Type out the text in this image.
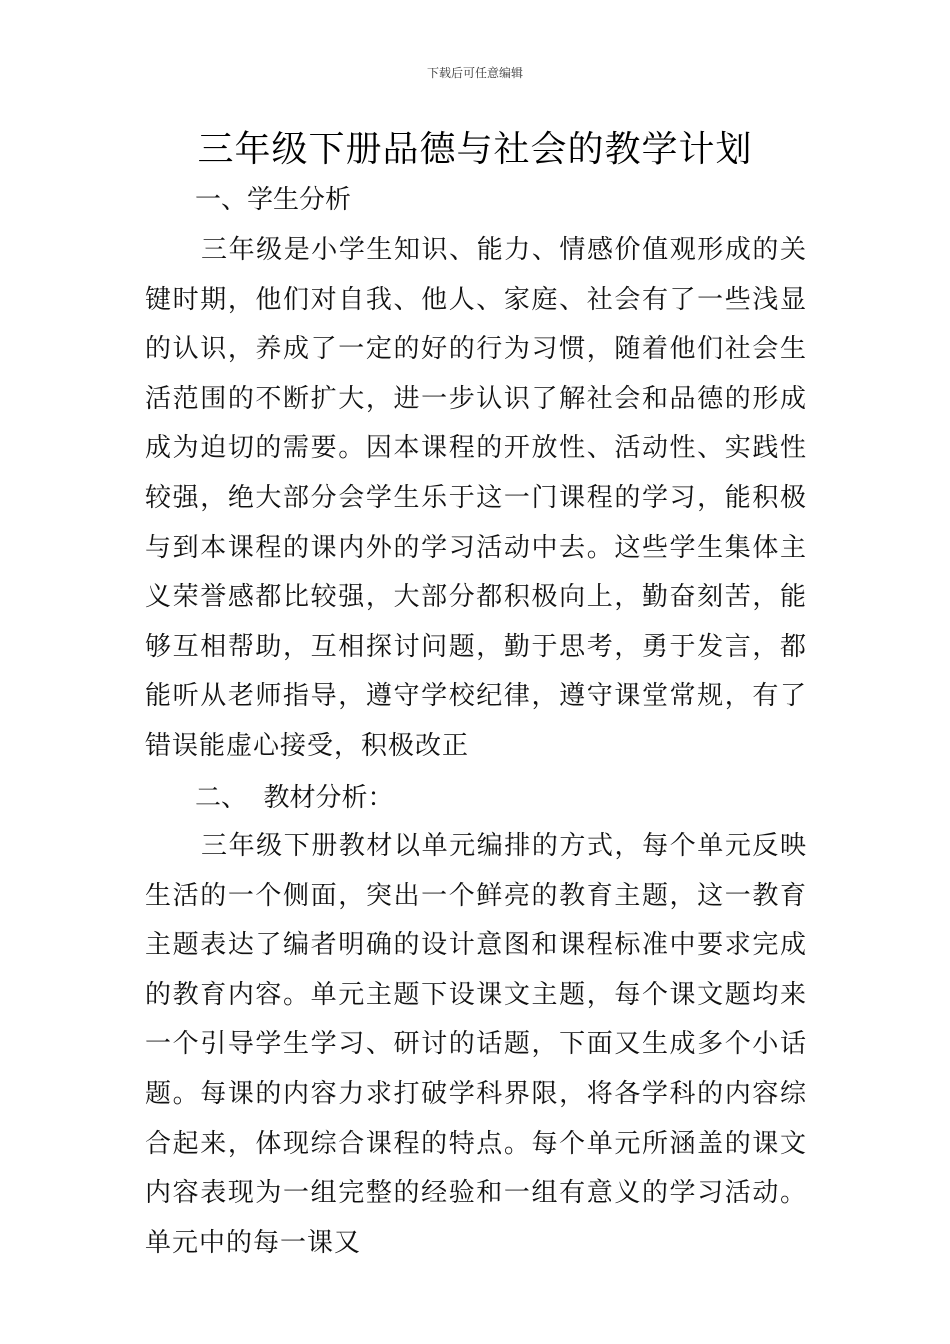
下载后可任意编辑
三年级下册品德与社会的教学计划
一、学生分析

三年级是小学生知识、能力、情感价值观形成的关键时期，他们对自我、他人、家庭、社会有了一些浅显的认识，养成了一定的好的行为习惯，随着他们社会生活范围的不断扩大，进一步认识了解社会和品德的形成成为迫切的需要。因本课程的开放性、活动性、实践性较强，绝大部分会学生乐于这一门课程的学习，能积极与到本课程的课内外的学习活动中去。这些学生集体主义荣誉感都比较强，大部分都积极向上，勤奋刻苦，能够互相帮助，互相探讨问题，勤于思考，勇于发言，都能听从老师指导，遵守学校纪律，遵守课堂常规，有了错误能虚心接受，积极改正

二、  教材分析：

三年级下册教材以单元编排的方式，每个单元反映生活的一个侧面，突出一个鲜亮的教育主题，这一教育主题表达了编者明确的设计意图和课程标准中要求完成的教育内容。单元主题下设课文主题，每个课文题均来一个引导学生学习、研讨的话题，下面又生成多个小话题。每课的内容力求打破学科界限，将各学科的内容综合起来，体现综合课程的特点。每个单元所涵盖的课文内容表现为一组完整的经验和一组有意义的学习活动。单元中的每一课又
